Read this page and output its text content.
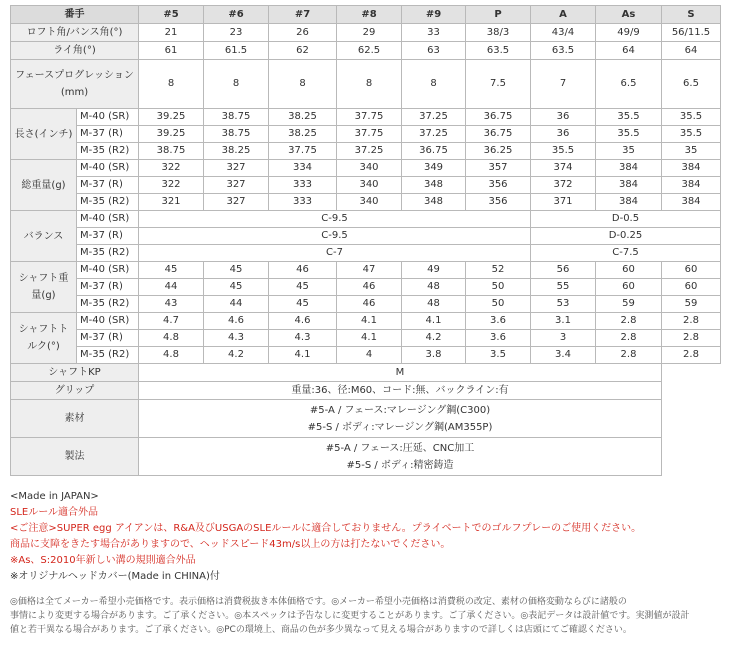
番手		#5	#6	#7	#8	#9	P	A	As	S
ロフト角/バンス角(°)		21	23	26	29	33	38/3	43/4	49/9	56/11.5
ライ角(°)		61	61.5	62	62.5	63	63.5	63.5	64	64
フェースプログレッション(mm)		8	8	8	8	8	7.5	7	6.5	6.5
長さ(インチ)	M-40 (SR)	39.25	38.75	38.25	37.75	37.25	36.75	36	35.5	35.5
	M-37 (R)	39.25	38.75	38.25	37.75	37.25	36.75	36	35.5	35.5
	M-35 (R2)	38.75	38.25	37.75	37.25	36.75	36.25	35.5	35	35
総重量(g)	M-40 (SR)	322	327	334	340	349	357	374	384	384
	M-37 (R)	322	327	333	340	348	356	372	384	384
	M-35 (R2)	321	327	333	340	348	356	371	384	384
バランス	M-40 (SR)	C-9.5						D-0.5		
	M-37 (R)	C-9.5						D-0.25		
	M-35 (R2)	C-7						C-7.5		
シャフト重量(g)	M-40 (SR)	45	45	46	47	49	52	56	60	60
	M-37 (R)	44	45	45	46	48	50	55	60	60
	M-35 (R2)	43	44	45	46	48	50	53	59	59
シャフトトルク(°)	M-40 (SR)	4.7	4.6	4.6	4.1	4.1	3.6	3.1	2.8	2.8
	M-37 (R)	4.8	4.3	4.3	4.1	4.2	3.6	3	2.8	2.8
	M-35 (R2)	4.8	4.2	4.1	4	3.8	3.5	3.4	2.8	2.8
シャフトKP		M								
グリップ		重量:36、径:M60、コード:無、バックライン:有								
素材		#5-A / フェース:マレージング鋼(C300)
#5-S / ボディ:マレージング鋼(AM355P)								

製法		#5-A / フェース:圧延、CNC加工
#5-S / ボディ:精密鋳造								
<Made in JAPAN>
SLEルール適合外品
<ご注意>SUPER egg アイアンは、R&A及びUSGAのSLEルールに適合しておりません。プライベートでのゴルフプレーのご使用ください。
商品に支障をきたす場合がありますので、ヘッドスピード43m/s以上の方は打たないでください。
※As、S:2010年新しい溝の規則適合外品
※オリジナルヘッドカバー(Made in CHINA)付
◎価格は全てメーカー希望小売価格です。表示価格は消費税抜き本体価格です。◎メーカー希望小売価格は消費税の改定、素材の価格変動ならびに諸般の
事情により変更する場合があります。ご了承ください。◎本スペックは予告なしに変更することがあります。ご了承ください。◎表記データは設計値です。実測値が設計
値と若干異なる場合があります。ご了承ください。◎PCの環境上、商品の色が多少異なって見える場合がありますので詳しくは店頭にてご確認ください。
